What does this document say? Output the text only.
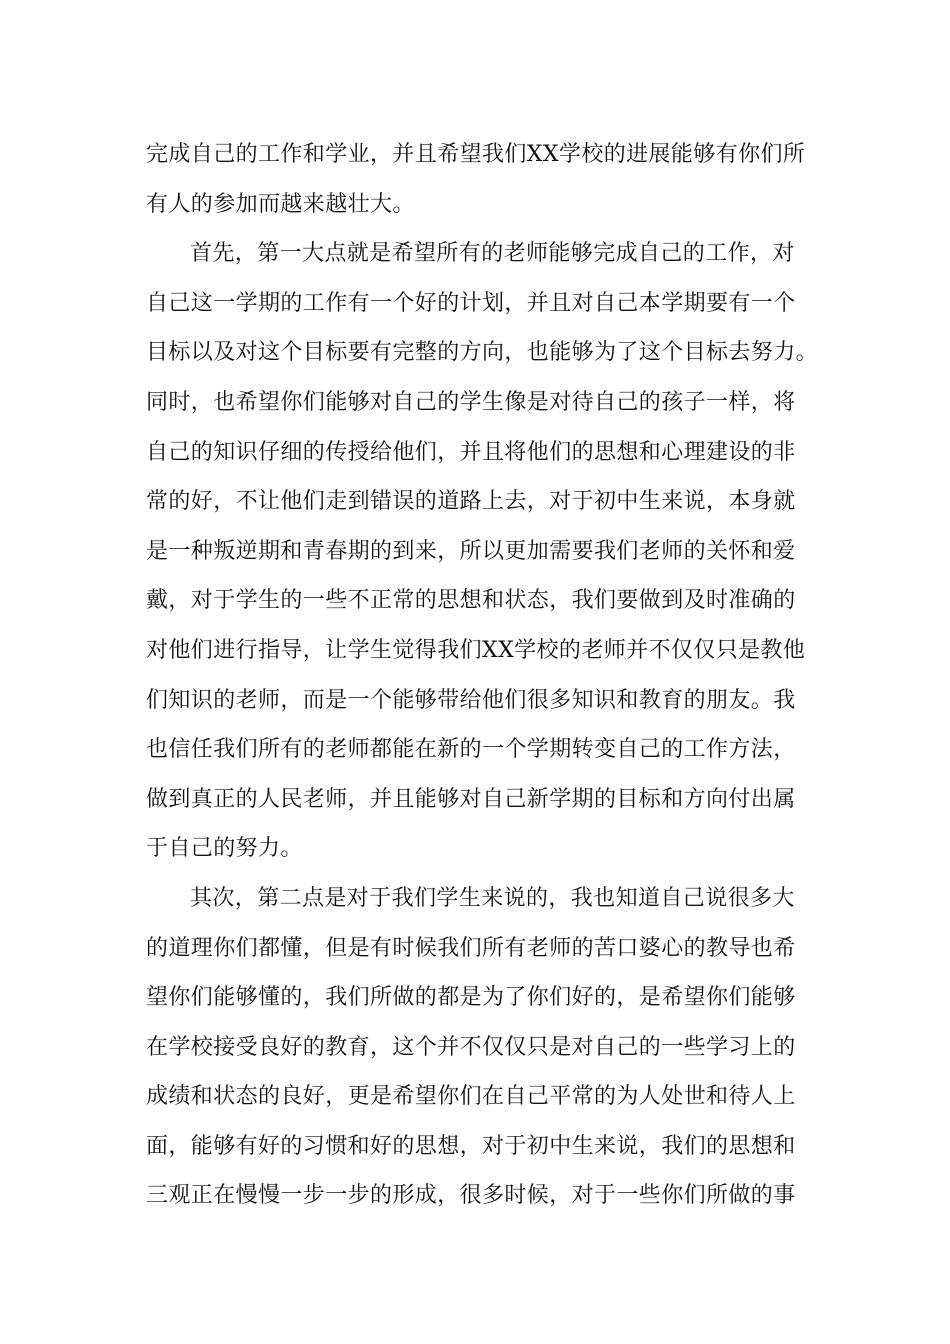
完成自己的工作和学业，并且希望我们XX学校的进展能够有你们所
有人的参加而越来越壮大。
首先，第一大点就是希望所有的老师能够完成自己的工作，对
自己这一学期的工作有一个好的计划，并且对自己本学期要有一个
目标以及对这个目标要有完整的方向，也能够为了这个目标去努力。
同时，也希望你们能够对自己的学生像是对待自己的孩子一样，将
自己的知识仔细的传授给他们，并且将他们的思想和心理建设的非
常的好，不让他们走到错误的道路上去，对于初中生来说，本身就
是一种叛逆期和青春期的到来，所以更加需要我们老师的关怀和爱
戴，对于学生的一些不正常的思想和状态，我们要做到及时准确的
对他们进行指导，让学生觉得我们XX学校的老师并不仅仅只是教他
们知识的老师，而是一个能够带给他们很多知识和教育的朋友。我
也信任我们所有的老师都能在新的一个学期转变自己的工作方法，
做到真正的人民老师，并且能够对自己新学期的目标和方向付出属
于自己的努力。
其次，第二点是对于我们学生来说的，我也知道自己说很多大
的道理你们都懂，但是有时候我们所有老师的苦口婆心的教导也希
望你们能够懂的，我们所做的都是为了你们好的，是希望你们能够
在学校接受良好的教育，这个并不仅仅只是对自己的一些学习上的
成绩和状态的良好，更是希望你们在自己平常的为人处世和待人上
面，能够有好的习惯和好的思想，对于初中生来说，我们的思想和
三观正在慢慢一步一步的形成，很多时候，对于一些你们所做的事
